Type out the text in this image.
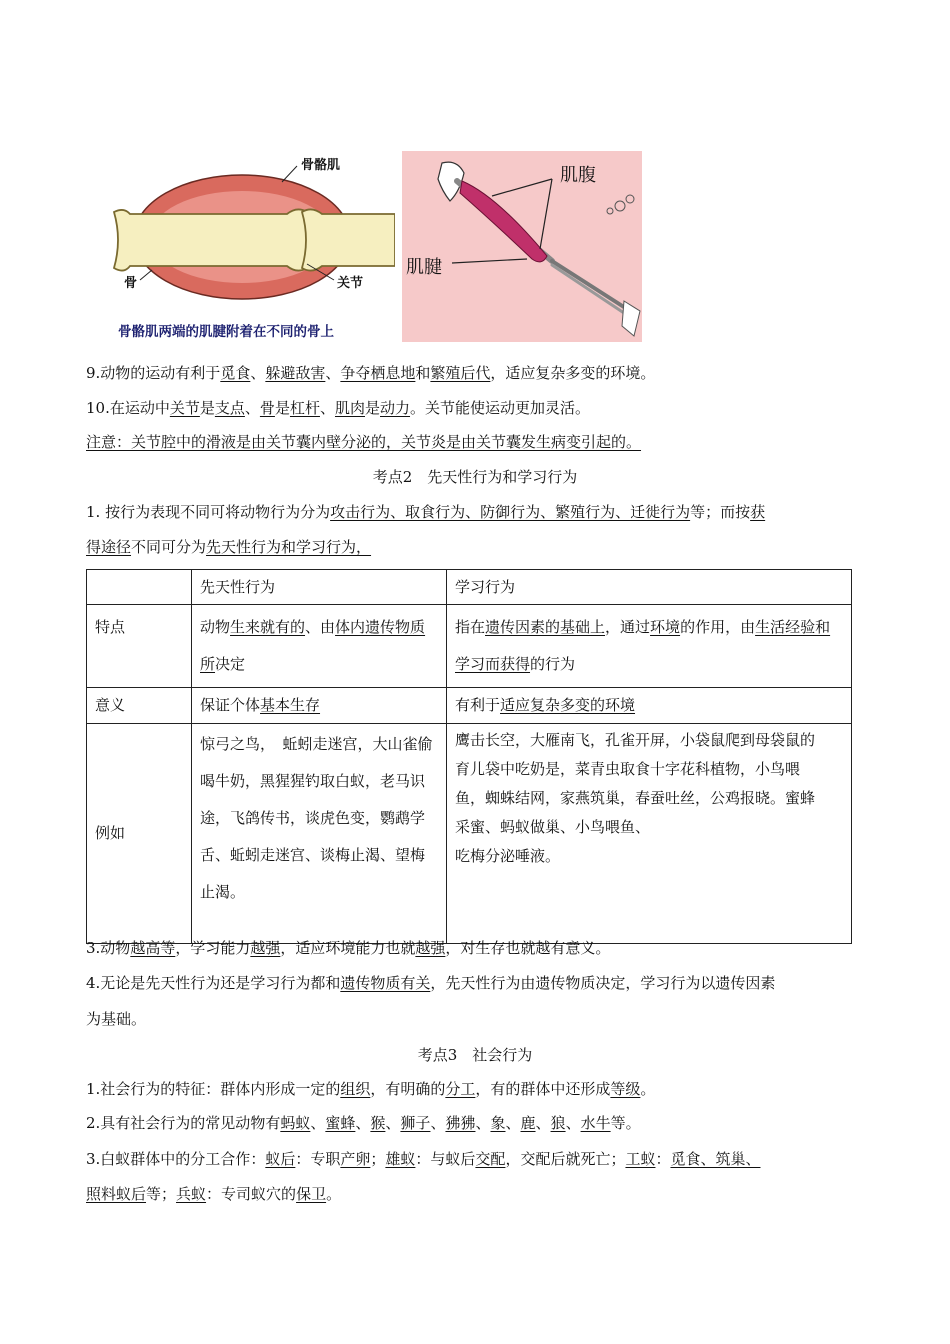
骨骼肌
骨	关节
骨骼肌两端的肌腱附着在不同的骨上
肌腹
肌腱
9.动物的运动有利于觅食、躲避敌害、争夺栖息地和繁殖后代，适应复杂多变的环境。
10.在运动中关节是支点、骨是杠杆、肌肉是动力。关节能使运动更加灵活。
注意：关节腔中的滑液是由关节囊内壁分泌的，关节炎是由关节囊发生病变引起的。
考点2　先天性行为和学习行为
1. 按行为表现不同可将动物行为分为攻击行为、取食行为、防御行为、繁殖行为、迁徙行为等；而按获
得途径不同可分为先天性行为和学习行为，
	先天性行为	学习行为
特点	动物生来就有的、由体内遗传物质所决定	指在遗传因素的基础上，通过环境的作用，由生活经验和学习而获得的行为
意义	保证个体基本生存	有利于适应复杂多变的环境
例如	惊弓之鸟，　蚯蚓走迷宫，大山雀偷喝牛奶，黑猩猩钓取白蚁，老马识途，飞鸽传书，谈虎色变，鹦鹉学舌、蚯蚓走迷宫、谈梅止渴、望梅止渴。	鹰击长空，大雁南飞，孔雀开屏，小袋鼠爬到母袋鼠的
育儿袋中吃奶是，菜青虫取食十字花科植物，小鸟喂
鱼，蜘蛛结网，家燕筑巢，春蚕吐丝，公鸡报晓。蜜蜂
采蜜、蚂蚁做巢、小鸟喂鱼、
吃梅分泌唾液。
3.动物越高等，学习能力越强，适应环境能力也就越强，对生存也就越有意义。
4.无论是先天性行为还是学习行为都和遗传物质有关，先天性行为由遗传物质决定，学习行为以遗传因素
为基础。
考点3　社会行为
1.社会行为的特征：群体内形成一定的组织，有明确的分工，有的群体中还形成等级。
2.具有社会行为的常见动物有蚂蚁、蜜蜂、猴、狮子、狒狒、象、鹿、狼、水牛等。
3.白蚁群体中的分工合作：蚁后：专职产卵；雄蚁：与蚁后交配，交配后就死亡；工蚁：觅食、筑巢、
照料蚁后等；兵蚁：专司蚁穴的保卫。
